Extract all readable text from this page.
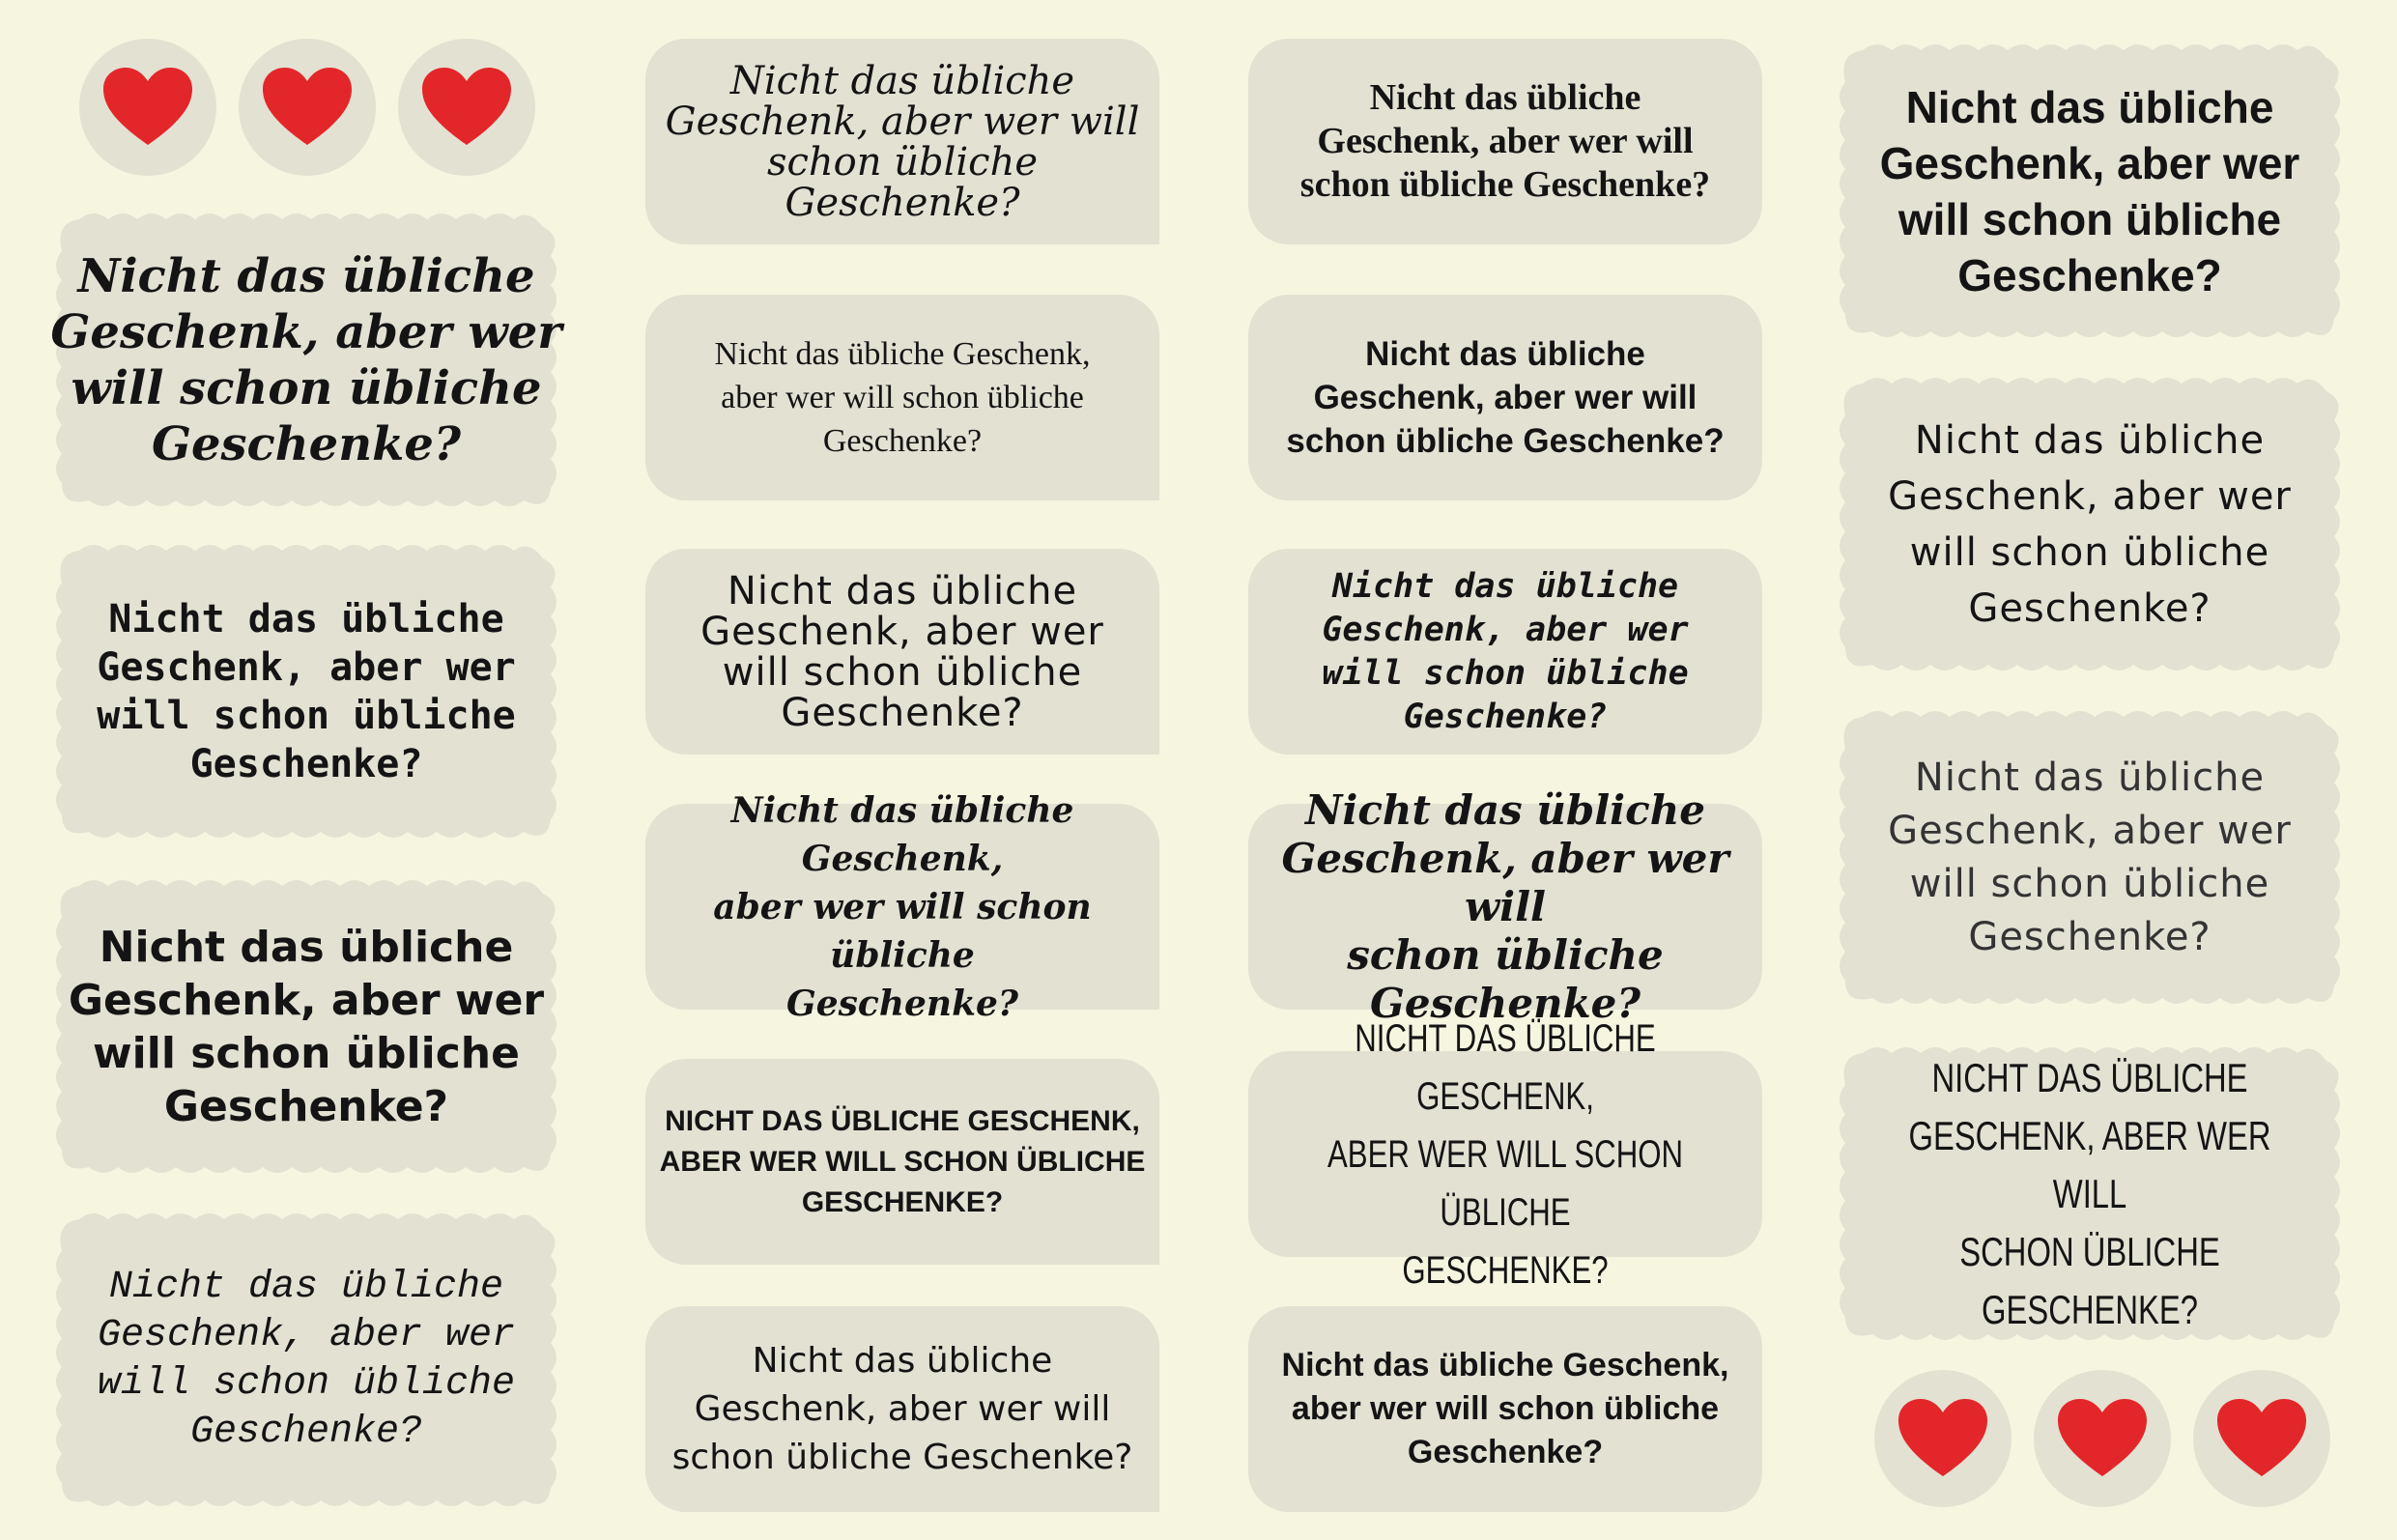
Nicht das übliche
Geschenk, aber wer
will schon übliche
Geschenke?
Nicht das übliche
Geschenk, aber wer
will schon übliche
Geschenke?
Nicht das übliche
Geschenk, aber wer
will schon übliche
Geschenke?
Nicht das übliche
Geschenk, aber wer
will schon übliche
Geschenke?
Nicht das übliche
Geschenk, aber wer will
schon übliche Geschenke?
Nicht das übliche Geschenk,
aber wer will schon übliche
Geschenke?
Nicht das übliche
Geschenk, aber wer
will schon übliche
Geschenke?
Nicht das übliche Geschenk,
aber wer will schon übliche
Geschenke?
NICHT DAS ÜBLICHE GESCHENK,
ABER WER WILL SCHON ÜBLICHE
GESCHENKE?
Nicht das übliche
Geschenk, aber wer will
schon übliche Geschenke?
Nicht das übliche
Geschenk, aber wer will
schon übliche Geschenke?
Nicht das übliche
Geschenk, aber wer will
schon übliche Geschenke?
Nicht das übliche
Geschenk, aber wer
will schon übliche
Geschenke?
Nicht das übliche
Geschenk, aber wer will
schon übliche Geschenke?
NICHT DAS ÜBLICHE GESCHENK,
ABER WER WILL SCHON ÜBLICHE
GESCHENKE?
Nicht das übliche Geschenk,
aber wer will schon übliche
Geschenke?
Nicht das übliche
Geschenk, aber wer
will schon übliche
Geschenke?
Nicht das übliche
Geschenk, aber wer
will schon übliche
Geschenke?
Nicht das übliche
Geschenk, aber wer
will schon übliche
Geschenke?
NICHT DAS ÜBLICHE
GESCHENK, ABER WER WILL
SCHON ÜBLICHE GESCHENKE?
